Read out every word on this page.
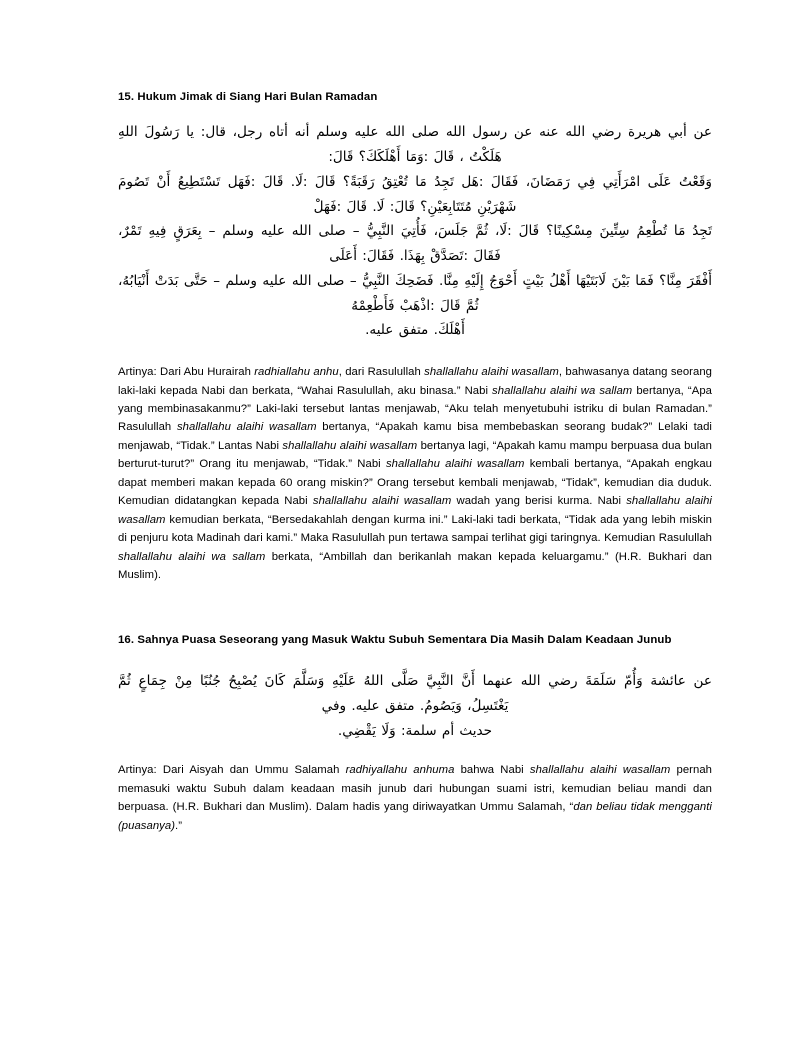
15. Hukum Jimak di Siang Hari Bulan Ramadan
عن أبي هريرة رضي الله عنه عن رسول الله صلى الله عليه وسلم أنه أتاه رجل، قال: يا رَسُولَ اللهِ هَلَكْتُ ، قَالَ :وَمَا أَهْلَكَكَ؟ قَالَ:
وَقَعْتُ عَلَى امْرَأَتِي فِي رَمَضَانَ، فَقَالَ :هَل تَجِدُ مَا تُعْتِقُ رَقَبَةً؟ قَالَ :لَا. قَالَ :فَهَل تَسْتَطِيعُ أَنْ تَصُومَ شَهْرَيْنِ مُتَتَابِعَيْنِ؟ قَالَ: لَا. قَالَ :فَهَلْ
تَجِدُ مَا تُطْعِمُ سِتِّينَ مِسْكِينًا؟ قَالَ :لَا، ثُمَّ جَلَسَ، فَأُتِيَ النَّبِيُّ – صلى الله عليه وسلم – بِعَرَقٍ فِيهِ تَمْرٌ، فَقَالَ :تَصَدَّقْ بِهَذَا. فَقَالَ: أَعَلَى
أَفْقَرَ مِنَّا؟ فَمَا بَيْنَ لَابَتَيْهَا أَهْلُ بَيْتٍ أَحْوَجُ إِلَيْهِ مِنَّا. فَضَحِكَ النَّبِيُّ – صلى الله عليه وسلم – حَتَّى بَدَتْ أَنْيَابُهُ، ثُمَّ قَالَ :اذْهَبْ فَأَطْعِمْهُ
أَهْلَكَ. متفق عليه.

Artinya: Dari Abu Hurairah radhiallahu anhu, dari Rasulullah shallallahu alaihi wasallam, bahwasanya datang seorang laki-laki kepada Nabi dan berkata, “Wahai Rasulullah, aku binasa.” Nabi shallallahu alaihi wa sallam bertanya, “Apa yang membinasakanmu?” Laki-laki tersebut lantas menjawab, “Aku telah menyetubuhi istriku di bulan Ramadan.” Rasulullah shallallahu alaihi wasallam bertanya, “Apakah kamu bisa membebaskan seorang budak?” Lelaki tadi menjawab, “Tidak.” Lantas Nabi shallallahu alaihi wasallam bertanya lagi, “Apakah kamu mampu berpuasa dua bulan berturut-turut?” Orang itu menjawab, “Tidak.” Nabi shallallahu alaihi wasallam kembali bertanya, “Apakah engkau dapat memberi makan kepada 60 orang miskin?” Orang tersebut kembali menjawab, “Tidak”, kemudian dia duduk. Kemudian didatangkan kepada Nabi shallallahu alaihi wasallam wadah yang berisi kurma. Nabi shallallahu alaihi wasallam kemudian berkata, “Bersedakahlah dengan kurma ini.” Laki-laki tadi berkata, “Tidak ada yang lebih miskin di penjuru kota Madinah dari kami.” Maka Rasulullah pun tertawa sampai terlihat gigi taringnya. Kemudian Rasulullah shallallahu alaihi wa sallam berkata, “Ambillah dan berikanlah makan kepada keluargamu.” (H.R. Bukhari dan Muslim).

16. Sahnya Puasa Seseorang yang Masuk Waktu Subuh Sementara Dia Masih Dalam Keadaan Junub
عن عائشة وَأُمّ سَلَمَةَ رضي الله عنهما أَنَّ النَّبِيَّ صَلَّى اللهُ عَلَيْهِ وَسَلَّمَ كَانَ يُصْبِحُ جُنُبًا مِنْ جِمَاعٍ ثُمَّ يَغْتَسِلُ، وَيَصُومُ. متفق عليه. وفي
حديث أم سلمة: وَلَا يَقْضِي.

Artinya: Dari Aisyah dan Ummu Salamah radhiyallahu anhuma bahwa Nabi shallallahu alaihi wasallam pernah memasuki waktu Subuh dalam keadaan masih junub dari hubungan suami istri, kemudian beliau mandi dan berpuasa. (H.R. Bukhari dan Muslim). Dalam hadis yang diriwayatkan Ummu Salamah, “dan beliau tidak mengganti (puasanya).”
